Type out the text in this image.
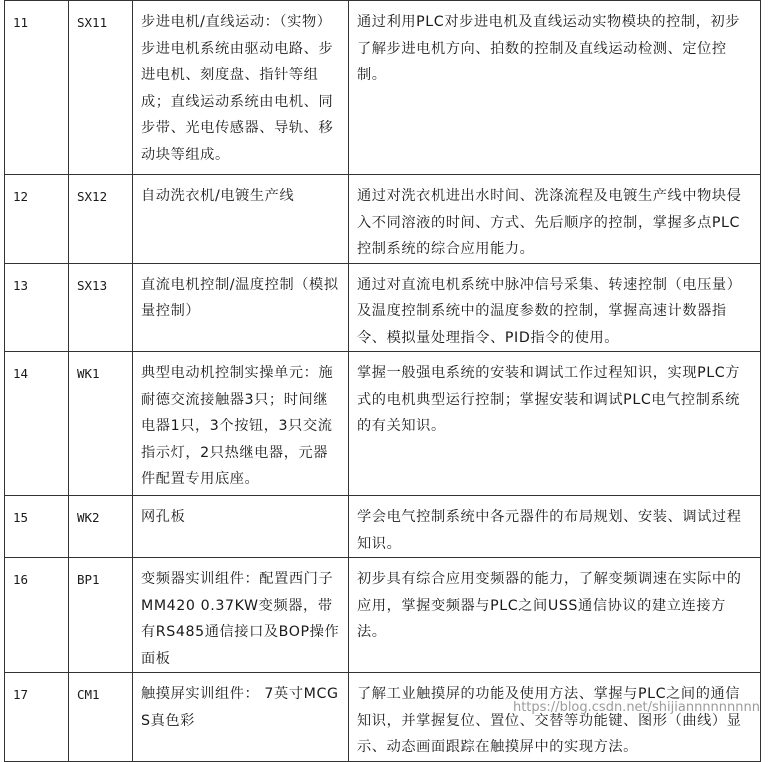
11	SX11	步进电机/直线运动：（实物）步进电机系统由驱动电路、步进电机、刻度盘、指针等组成；直线运动系统由电机、同步带、光电传感器、导轨、移动块等组成。	通过利用PLC对步进电机及直线运动实物模块的控制，初步了解步进电机方向、拍数的控制及直线运动检测、定位控制。
12	SX12	自动洗衣机/电镀生产线	通过对洗衣机进出水时间、洗涤流程及电镀生产线中物块侵入不同溶液的时间、方式、先后顺序的控制，掌握多点PLC控制系统的综合应用能力。
13	SX13	直流电机控制/温度控制（模拟量控制）	通过对直流电机系统中脉冲信号采集、转速控制（电压量）及温度控制系统中的温度参数的控制，掌握高速计数器指令、模拟量处理指令、PID指令的使用。
14	WK1	典型电动机控制实操单元：施耐德交流接触器3只；时间继电器1只，3个按钮，3只交流指示灯，2只热继电器，元器件配置专用底座。	掌握一般强电系统的安装和调试工作过程知识，实现PLC方式的电机典型运行控制；掌握安装和调试PLC电气控制系统的有关知识。
15	WK2	网孔板	学会电气控制系统中各元器件的布局规划、安装、调试过程知识。
16	BP1	变频器实训组件：配置西门子MM420 0.37KW变频器，带有RS485通信接口及BOP操作面板	初步具有综合应用变频器的能力，了解变频调速在实际中的应用，掌握变频器与PLC之间USS通信协议的建立连接方法。
17	CM1	触摸屏实训组件： 7英寸MCGS真色彩	了解工业触摸屏的功能及使用方法、掌握与PLC之间的通信知识，并掌握复位、置位、交替等功能键、图形（曲线）显示、动态画面跟踪在触摸屏中的实现方法。
https://blog.csdn.net/shijiannnnnnnnn
